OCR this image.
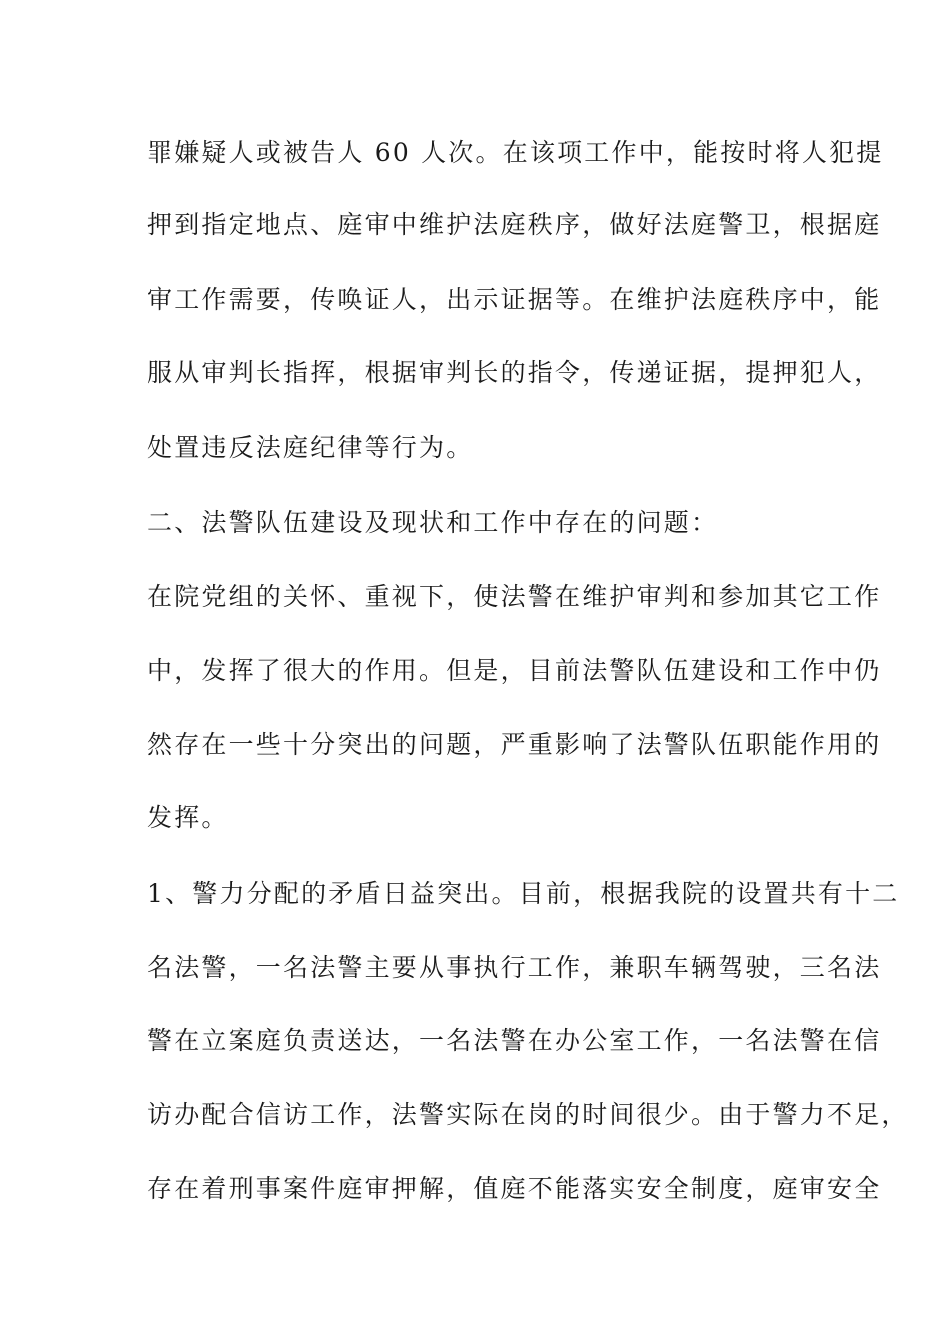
罪嫌疑人或被告人 60 人次。在该项工作中，能按时将人犯提
押到指定地点、庭审中维护法庭秩序，做好法庭警卫，根据庭
审工作需要，传唤证人，出示证据等。在维护法庭秩序中，能
服从审判长指挥，根据审判长的指令，传递证据，提押犯人，
处置违反法庭纪律等行为。
二、法警队伍建设及现状和工作中存在的问题：
在院党组的关怀、重视下，使法警在维护审判和参加其它工作
中，发挥了很大的作用。但是，目前法警队伍建设和工作中仍
然存在一些十分突出的问题，严重影响了法警队伍职能作用的
发挥。
1、警力分配的矛盾日益突出。目前，根据我院的设置共有十二
名法警，一名法警主要从事执行工作，兼职车辆驾驶，三名法
警在立案庭负责送达，一名法警在办公室工作，一名法警在信
访办配合信访工作，法警实际在岗的时间很少。由于警力不足，
存在着刑事案件庭审押解，值庭不能落实安全制度，庭审安全
